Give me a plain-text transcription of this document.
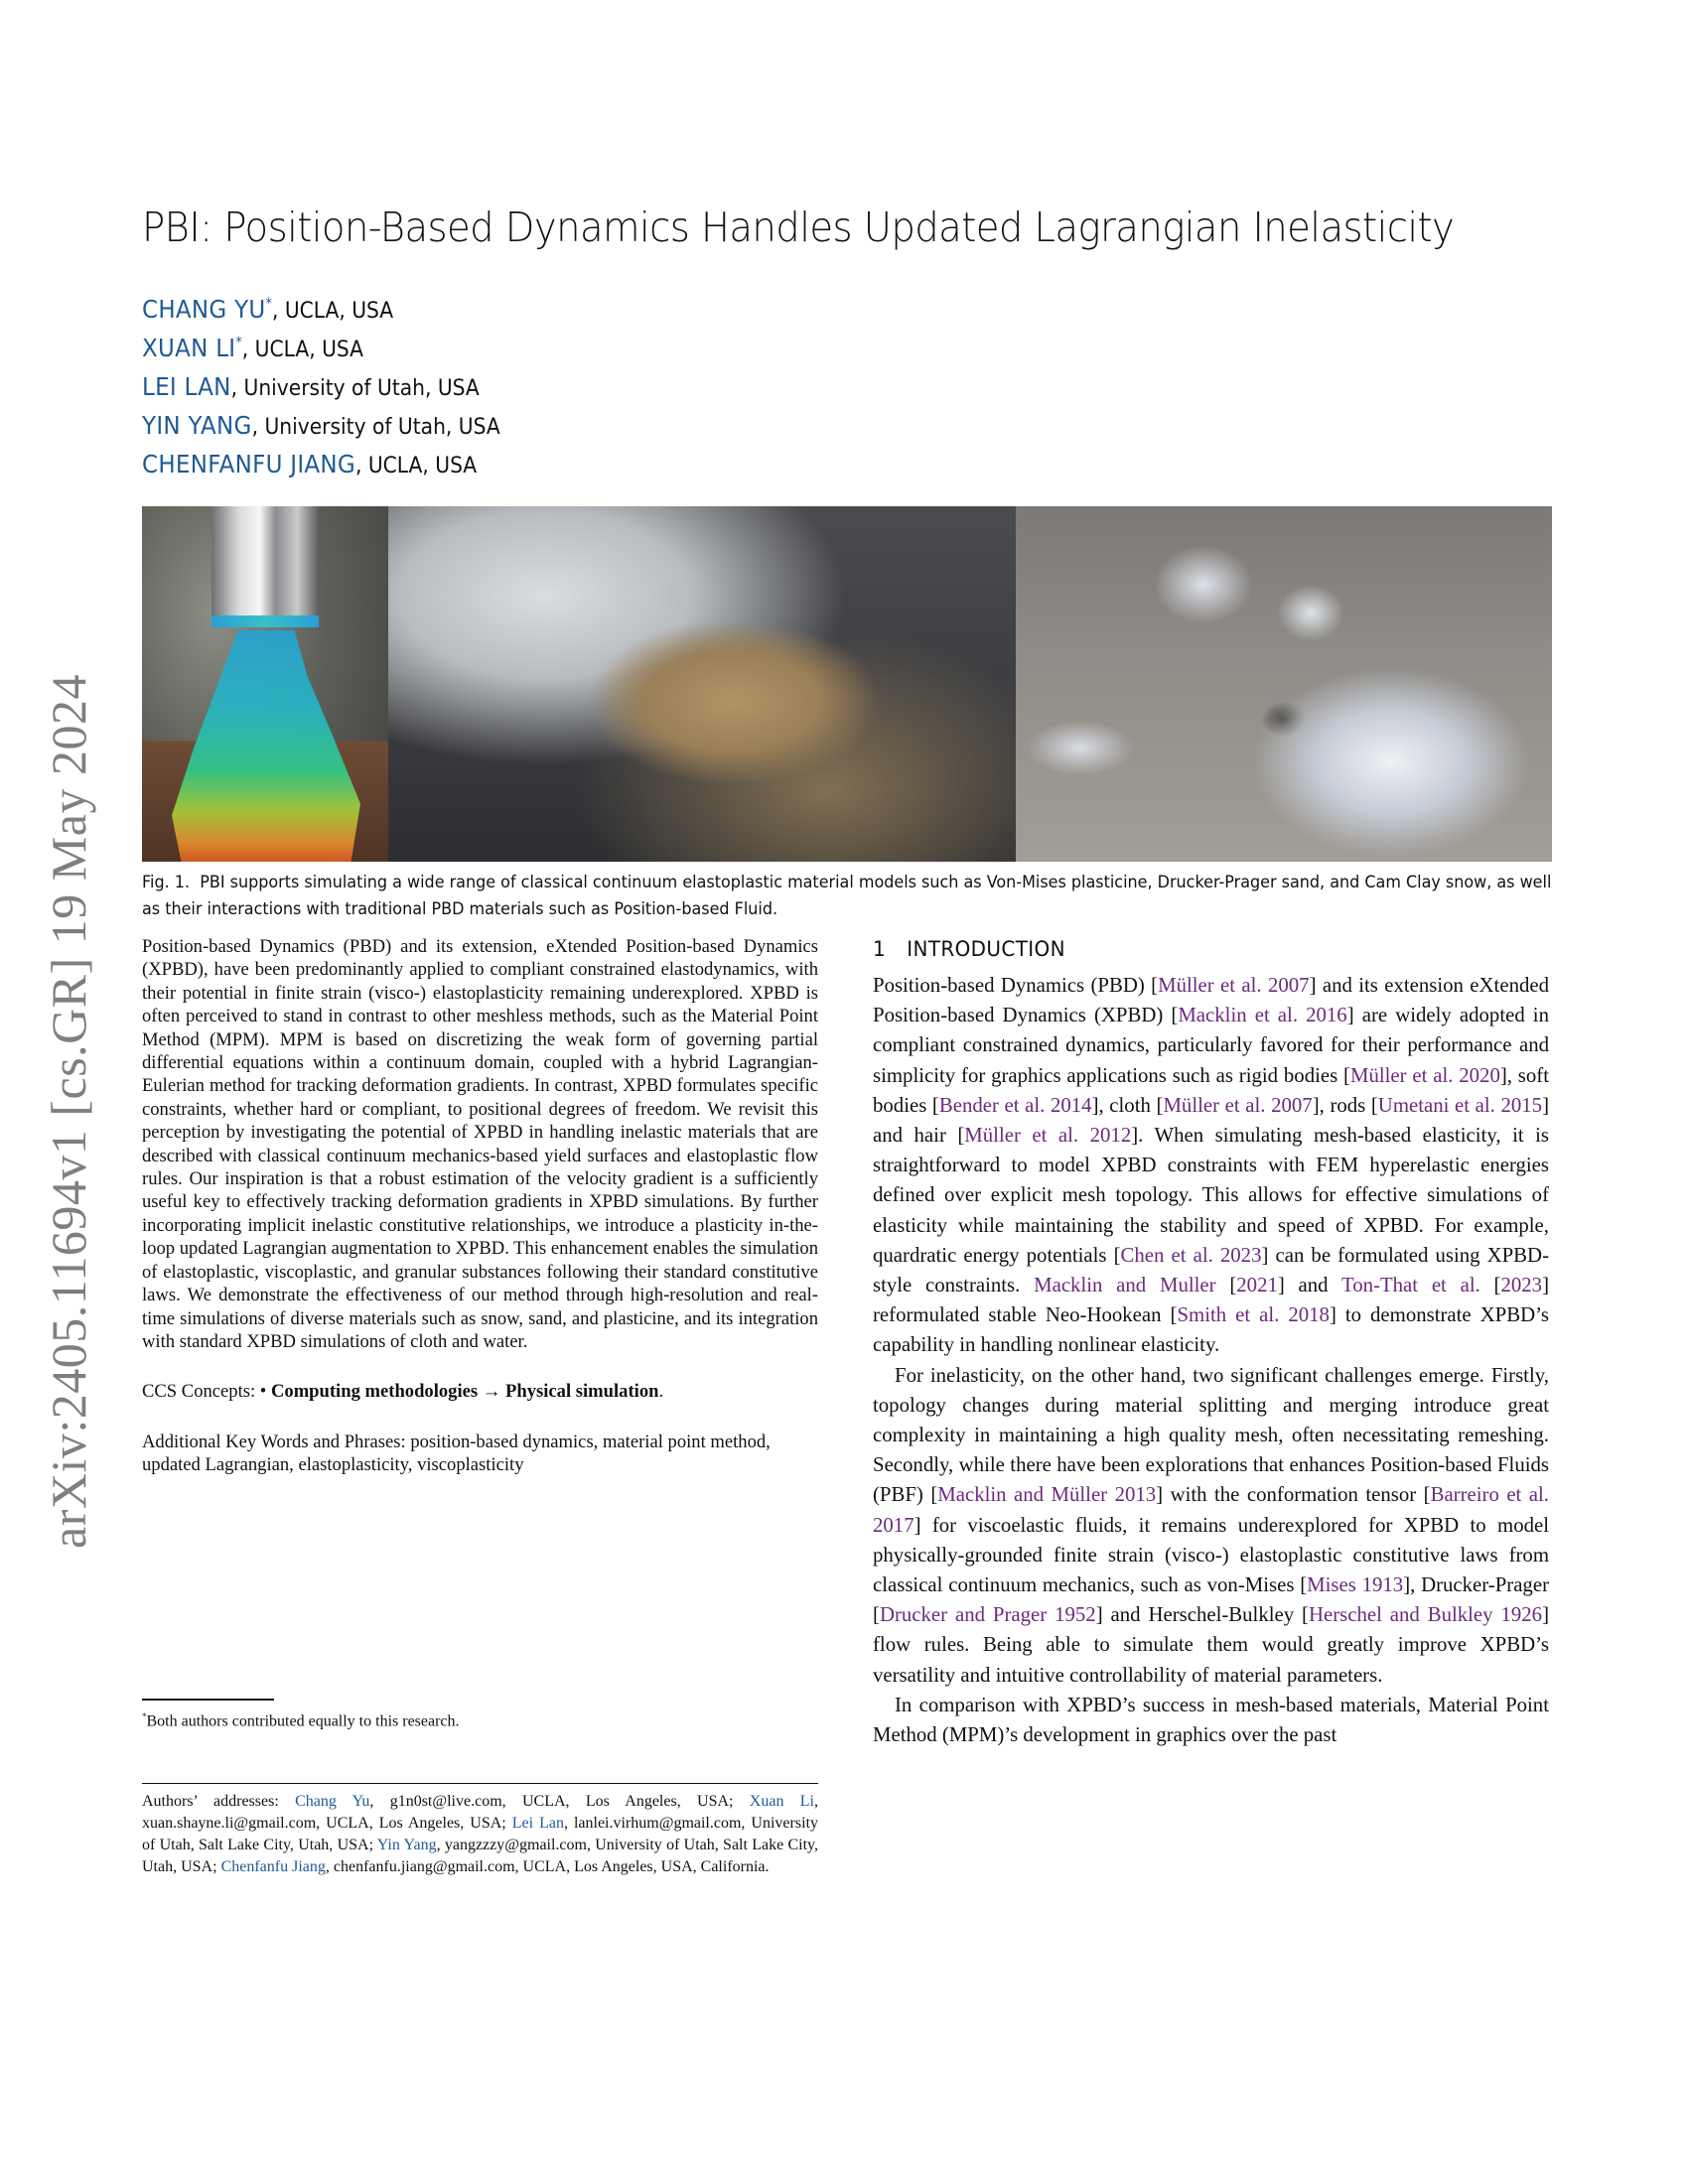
arXiv:2405.11694v1 [cs.GR] 19 May 2024
PBI: Position-Based Dynamics Handles Updated Lagrangian Inelasticity
CHANG YU*, UCLA, USA
XUAN LI*, UCLA, USA
LEI LAN, University of Utah, USA
YIN YANG, University of Utah, USA
CHENFANFU JIANG, UCLA, USA
Fig. 1. PBI supports simulating a wide range of classical continuum elastoplastic material models such as Von-Mises plasticine, Drucker-Prager sand, and Cam Clay snow, as well as their interactions with traditional PBD materials such as Position-based Fluid.

Position-based Dynamics (PBD) and its extension, eXtended Position-based Dynamics (XPBD), have been predominantly applied to compliant constrained elastodynamics, with their potential in finite strain (visco-) elastoplasticity remaining underexplored. XPBD is often perceived to stand in contrast to other meshless methods, such as the Material Point Method (MPM). MPM is based on discretizing the weak form of governing partial differential equations within a continuum domain, coupled with a hybrid Lagrangian-Eulerian method for tracking deformation gradients. In contrast, XPBD formulates specific constraints, whether hard or compliant, to positional degrees of freedom. We revisit this perception by investigating the potential of XPBD in handling inelastic materials that are described with classical continuum mechanics-based yield surfaces and elastoplastic flow rules. Our inspiration is that a robust estimation of the velocity gradient is a sufficiently useful key to effectively tracking deformation gradients in XPBD simulations. By further incorporating implicit inelastic constitutive relationships, we introduce a plasticity in-the-loop updated Lagrangian augmentation to XPBD. This enhancement enables the simulation of elastoplastic, viscoplastic, and granular substances following their standard constitutive laws. We demonstrate the effectiveness of our method through high-resolution and real-time simulations of diverse materials such as snow, sand, and plasticine, and its integration with standard XPBD simulations of cloth and water.

CCS Concepts: • Computing methodologies → Physical simulation.

Additional Key Words and Phrases: position-based dynamics, material point method, updated Lagrangian, elastoplasticity, viscoplasticity

*Both authors contributed equally to this research.
Authors’ addresses: Chang Yu, g1n0st@live.com, UCLA, Los Angeles, USA; Xuan Li, xuan.shayne.li@gmail.com, UCLA, Los Angeles, USA; Lei Lan, lanlei.virhum@gmail.com, University of Utah, Salt Lake City, Utah, USA; Yin Yang, yangzzzy@gmail.com, University of Utah, Salt Lake City, Utah, USA; Chenfanfu Jiang, chenfanfu.jiang@gmail.com, UCLA, Los Angeles, USA, California.
1 INTRODUCTION

Position-based Dynamics (PBD) [Müller et al. 2007] and its extension eXtended Position-based Dynamics (XPBD) [Macklin et al. 2016] are widely adopted in compliant constrained dynamics, particularly favored for their performance and simplicity for graphics applications such as rigid bodies [Müller et al. 2020], soft bodies [Bender et al. 2014], cloth [Müller et al. 2007], rods [Umetani et al. 2015] and hair [Müller et al. 2012]. When simulating mesh-based elasticity, it is straightforward to model XPBD constraints with FEM hyperelastic energies defined over explicit mesh topology. This allows for effective simulations of elasticity while maintaining the stability and speed of XPBD. For example, quardratic energy potentials [Chen et al. 2023] can be formulated using XPBD-style constraints. Macklin and Muller [2021] and Ton-That et al. [2023] reformulated stable Neo-Hookean [Smith et al. 2018] to demonstrate XPBD’s capability in handling nonlinear elasticity.

For inelasticity, on the other hand, two significant challenges emerge. Firstly, topology changes during material splitting and merging introduce great complexity in maintaining a high quality mesh, often necessitating remeshing. Secondly, while there have been explorations that enhances Position-based Fluids (PBF) [Macklin and Müller 2013] with the conformation tensor [Barreiro et al. 2017] for viscoelastic fluids, it remains underexplored for XPBD to model physically-grounded finite strain (visco-) elastoplastic constitutive laws from classical continuum mechanics, such as von-Mises [Mises 1913], Drucker-Prager [Drucker and Prager 1952] and Herschel-Bulkley [Herschel and Bulkley 1926] flow rules. Being able to simulate them would greatly improve XPBD’s versatility and intuitive controllability of material parameters.

In comparison with XPBD’s success in mesh-based materials, Material Point Method (MPM)’s development in graphics over the past
